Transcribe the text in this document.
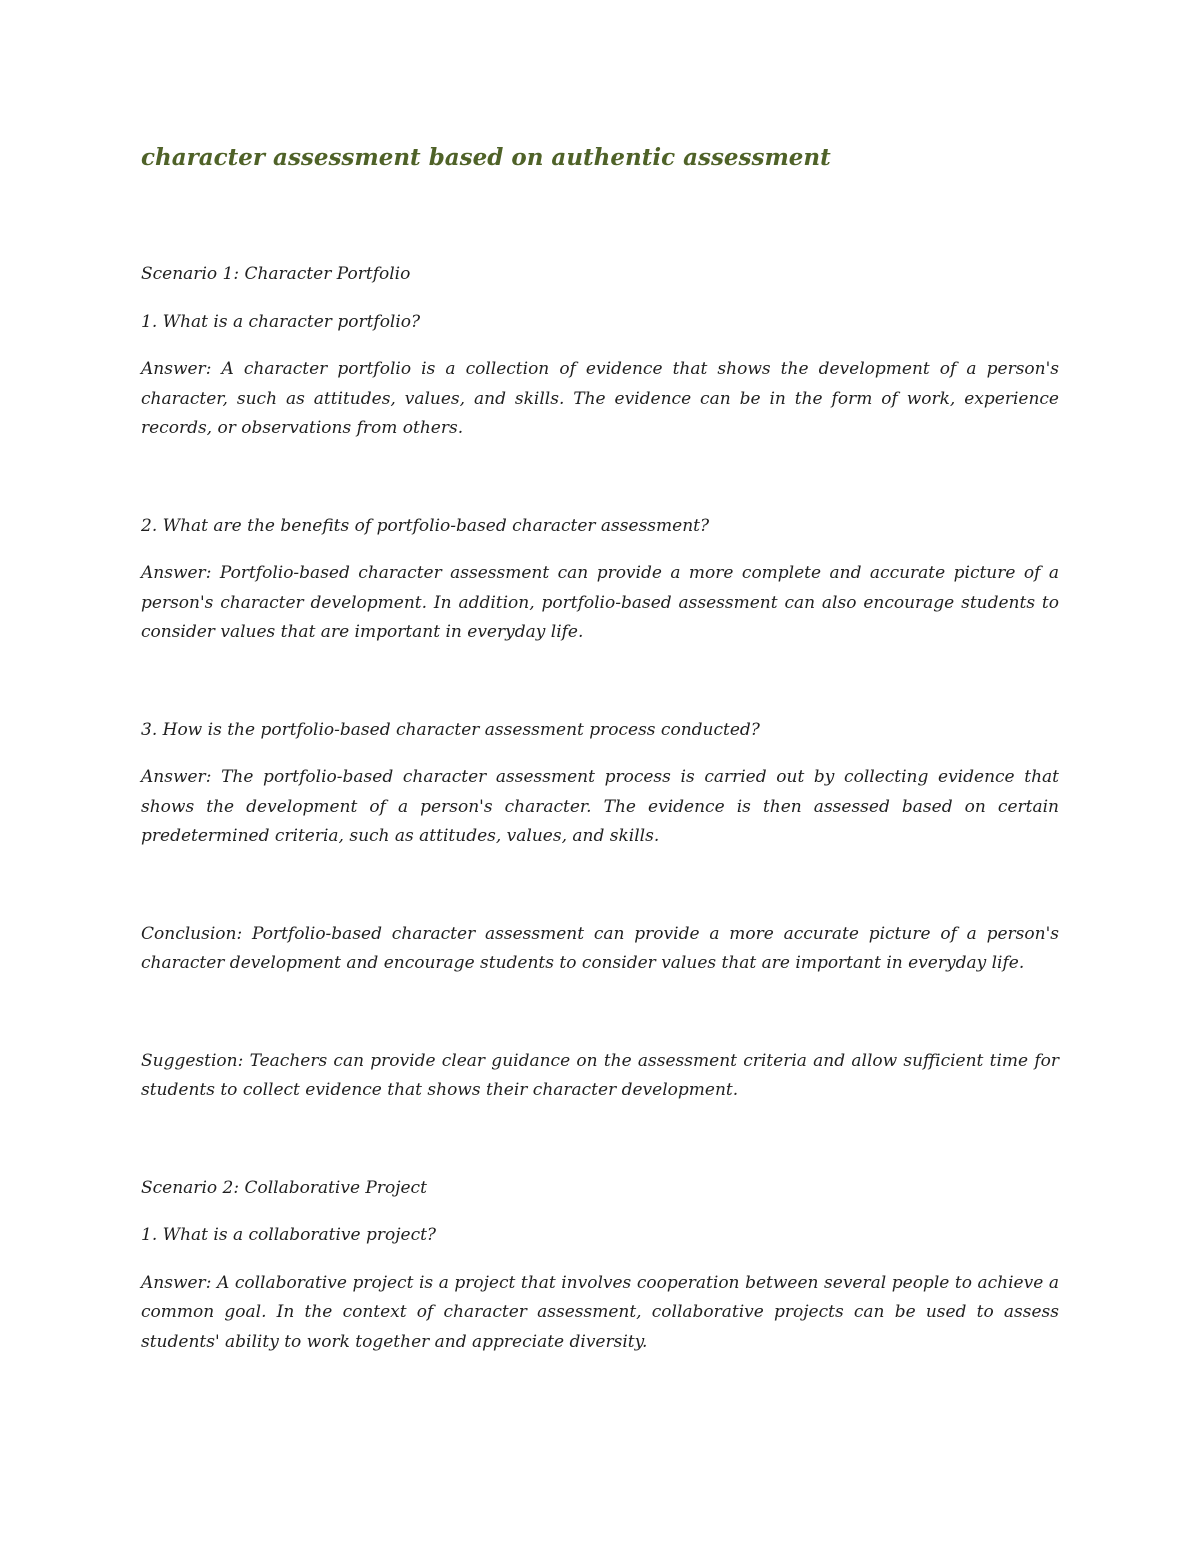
character assessment based on authentic assessment
Scenario 1: Character Portfolio
1. What is a character portfolio?
Answer: A character portfolio is a collection of evidence that shows the development of a person's character, such as attitudes, values, and skills. The evidence can be in the form of work, experience records, or observations from others.
2. What are the benefits of portfolio-based character assessment?
Answer: Portfolio-based character assessment can provide a more complete and accurate picture of a person's character development. In addition, portfolio-based assessment can also encourage students to consider values that are important in everyday life.
3. How is the portfolio-based character assessment process conducted?
Answer: The portfolio-based character assessment process is carried out by collecting evidence that shows the development of a person's character. The evidence is then assessed based on certain predetermined criteria, such as attitudes, values, and skills.
Conclusion: Portfolio-based character assessment can provide a more accurate picture of a person's character development and encourage students to consider values that are important in everyday life.
Suggestion: Teachers can provide clear guidance on the assessment criteria and allow sufficient time for students to collect evidence that shows their character development.
Scenario 2: Collaborative Project
1. What is a collaborative project?
Answer: A collaborative project is a project that involves cooperation between several people to achieve a common goal. In the context of character assessment, collaborative projects can be used to assess students' ability to work together and appreciate diversity.
